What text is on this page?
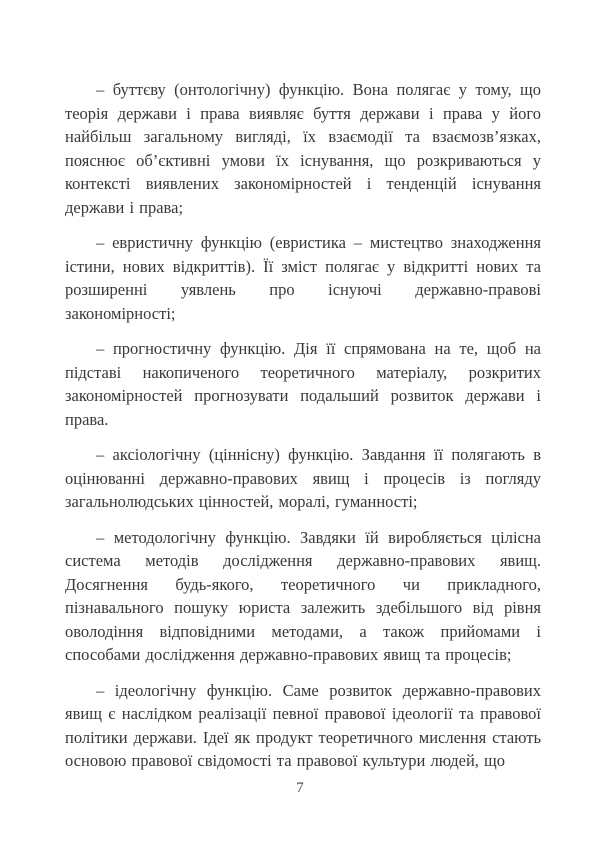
– буттєву (онтологічну) функцію. Вона полягає у тому, що теорія держави і права виявляє буття держави і права у його найбільш загальному вигляді, їх взаємодії та взаємозв’язках, пояснює об’єктивні умови їх існування, що розкриваються у контексті виявлених закономірностей і тенденцій існування держави і права;

– евристичну функцію (евристика – мистецтво знаходження істини, нових відкриттів). Її зміст полягає у відкритті нових та розширенні уявлень про існуючі державно-правові закономірності;

– прогностичну функцію. Дія її спрямована на те, щоб на підставі накопиченого теоретичного матеріалу, розкритих закономірностей прогнозувати подальший розвиток держави і права.

– аксіологічну (ціннісну) функцію. Завдання її полягають в оцінюванні державно-правових явищ і процесів із погляду загальнолюдських цінностей, моралі, гуманності;

– методологічну функцію. Завдяки їй виробляється цілісна система методів дослідження державно-правових явищ. Досягнення будь-якого, теоретичного чи прикладного, пізнавального пошуку юриста залежить здебільшого від рівня оволодіння відповідними методами, а також прийомами і способами дослідження державно-правових явищ та процесів;

– ідеологічну функцію. Саме розвиток державно-правових явищ є наслідком реалізації певної правової ідеології та правової політики держави. Ідеї як продукт теоретичного мислення стають основою правової свідомості та правової культури людей, що

7
